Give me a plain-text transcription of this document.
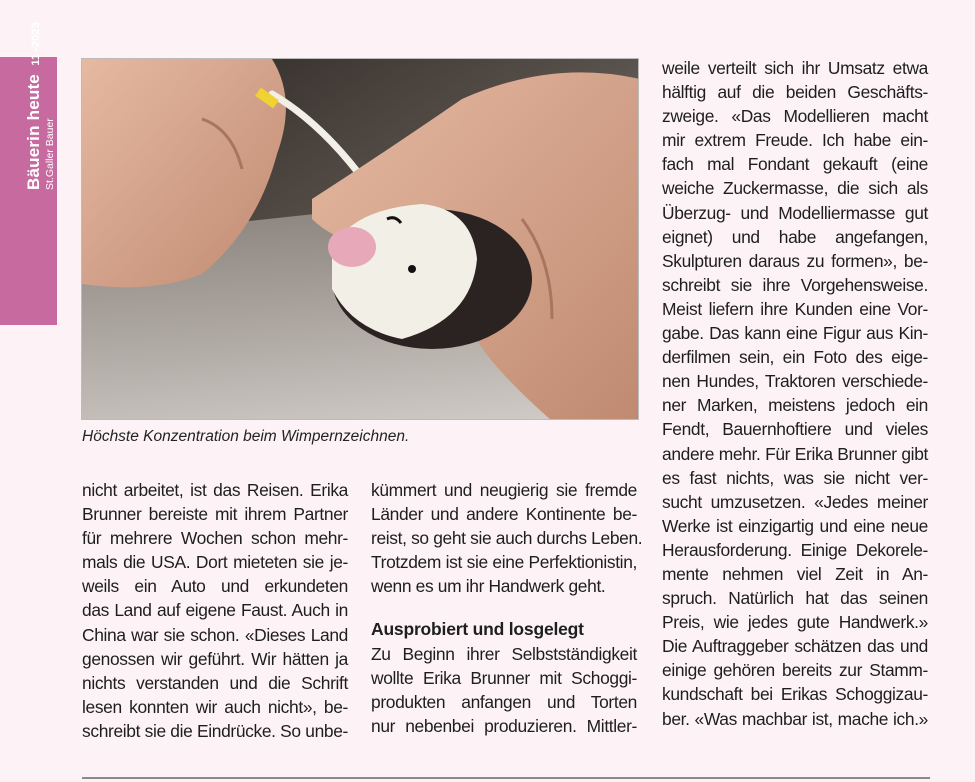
Bäuerin heute 11–2023
St.Galler Bauer
Höchste Konzentration beim Wimpernzeichnen.
nicht arbeitet, ist das Reisen. Erika
Brunner bereiste mit ihrem Partner
für mehrere Wochen schon mehr-
mals die USA. Dort mieteten sie je-
weils ein Auto und erkundeten
das Land auf eigene Faust. Auch in
China war sie schon. «Dieses Land
genossen wir geführt. Wir hätten ja
nichts verstanden und die Schrift
lesen konnten wir auch nicht», be-
schreibt sie die Eindrücke. So unbe-
kümmert und neugierig sie fremde
Länder und andere Kontinente be-
reist, so geht sie auch durchs Leben.
Trotzdem ist sie eine Perfektionistin,
wenn es um ihr Handwerk geht.
Ausprobiert und losgelegt
Zu Beginn ihrer Selbstständigkeit
wollte Erika Brunner mit Schoggi-
produkten anfangen und Torten
nur nebenbei produzieren. Mittler-
weile verteilt sich ihr Umsatz etwa
hälftig auf die beiden Geschäfts-
zweige. «Das Modellieren macht
mir extrem Freude. Ich habe ein-
fach mal Fondant gekauft (eine
weiche Zuckermasse, die sich als
Überzug- und Modelliermasse gut
eignet) und habe angefangen,
Skulpturen daraus zu formen», be-
schreibt sie ihre Vorgehensweise.
Meist liefern ihre Kunden eine Vor-
gabe. Das kann eine Figur aus Kin-
derfilmen sein, ein Foto des eige-
nen Hundes, Traktoren verschiede-
ner Marken, meistens jedoch ein
Fendt, Bauernhoftiere und vieles
andere mehr. Für Erika Brunner gibt
es fast nichts, was sie nicht ver-
sucht umzusetzen. «Jedes meiner
Werke ist einzigartig und eine neue
Herausforderung. Einige Dekorele-
mente nehmen viel Zeit in An-
spruch. Natürlich hat das seinen
Preis, wie jedes gute Handwerk.»
Die Auftraggeber schätzen das und
einige gehören bereits zur Stamm-
kundschaft bei Erikas Schoggizau-
ber. «Was machbar ist, mache ich.»
